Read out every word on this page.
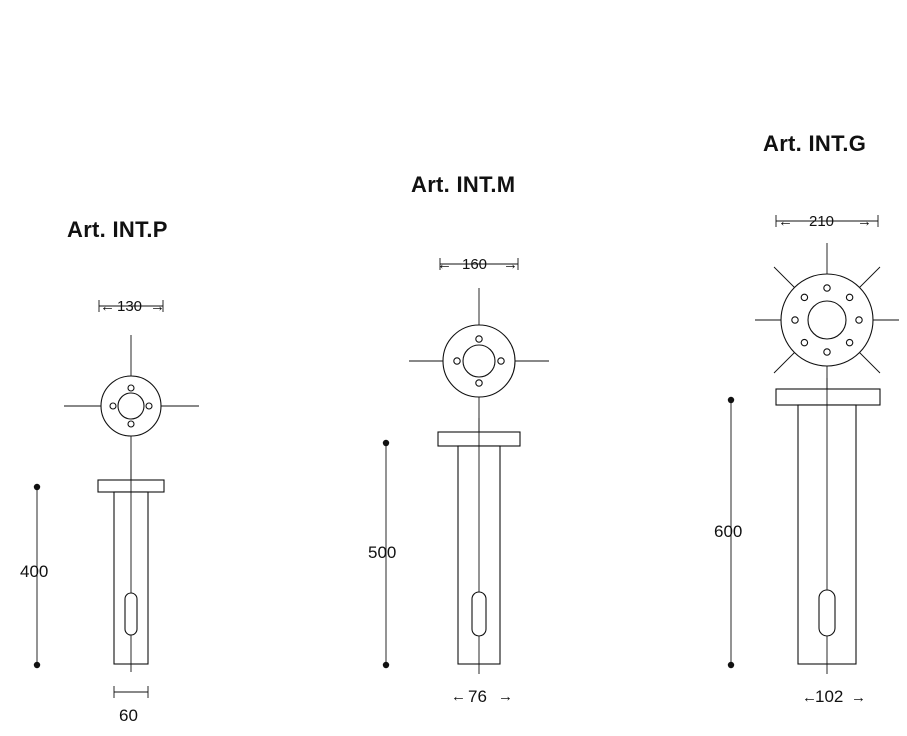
Art. INT.P
Art. INT.M
Art. INT.G
← 130 →
400
60
← 160 →
500
← 76 →
← 210 →
600
←
102 →
